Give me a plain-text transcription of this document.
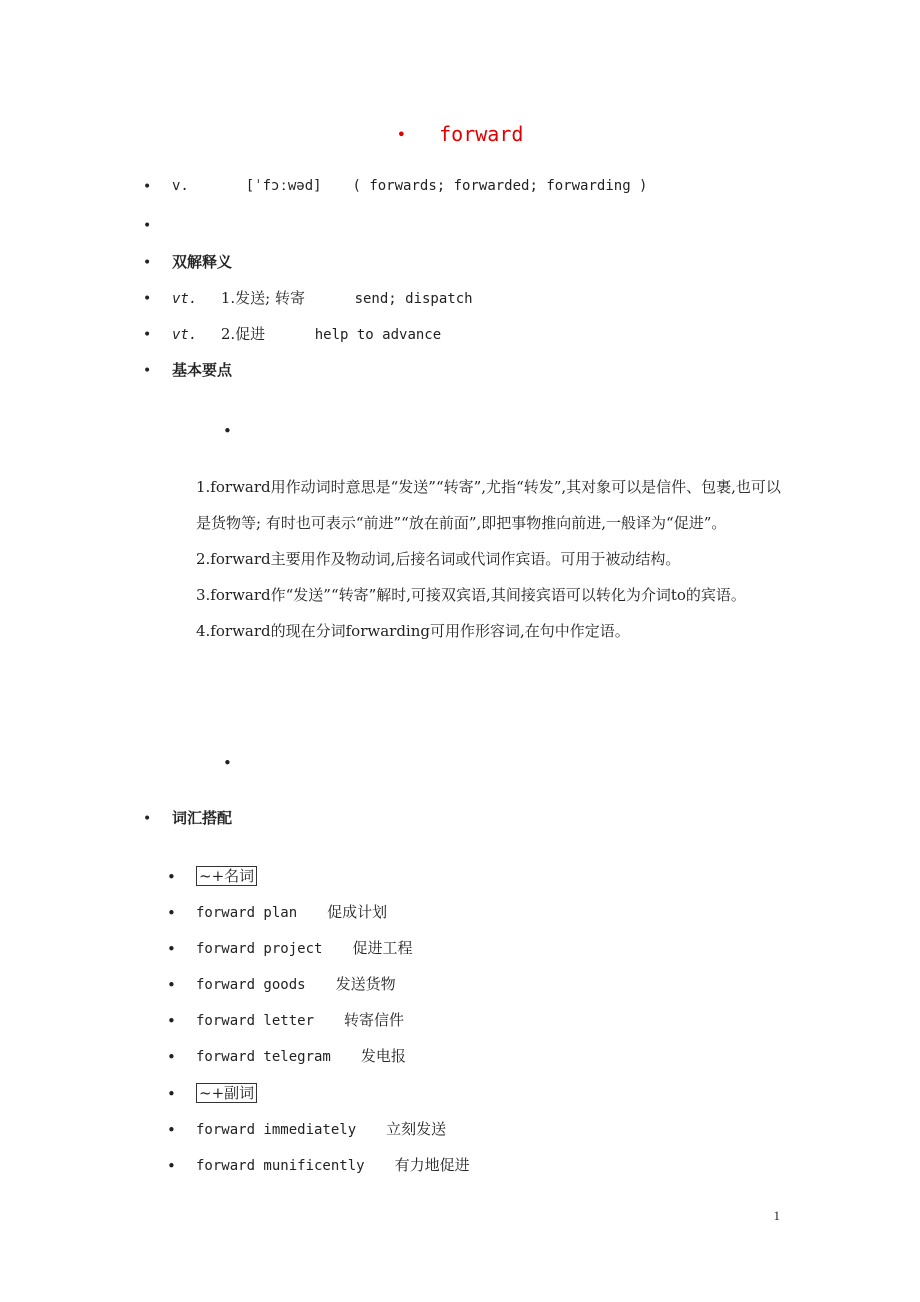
• forward
•
v.	[ˈfɔːwəd] ( forwards; forwarded; forwarding )
•
•
双解释义
•
vt. 1.发送; 转寄	send; dispatch
•
vt. 2.促进	help to advance
•
基本要点
•

1.forward用作动词时意思是“发送”“转寄”,尤指“转发”,其对象可以是信件、包裹,也可以是货物等; 有时也可表示“前进”“放在前面”,即把事物推向前进,一般译为“促进”。

2.forward主要用作及物动词,后接名词或代词作宾语。可用于被动结构。

3.forward作“发送”“转寄”解时,可接双宾语,其间接宾语可以转化为介词to的宾语。

4.forward的现在分词forwarding可用作形容词,在句中作定语。

•
•
词汇搭配
•
~+名词
•
forward plan 促成计划
•
forward project 促进工程
•
forward goods 发送货物
•
forward letter 转寄信件
•
forward telegram 发电报
•
~+副词
•
forward immediately 立刻发送
•
forward munificently 有力地促进
1
